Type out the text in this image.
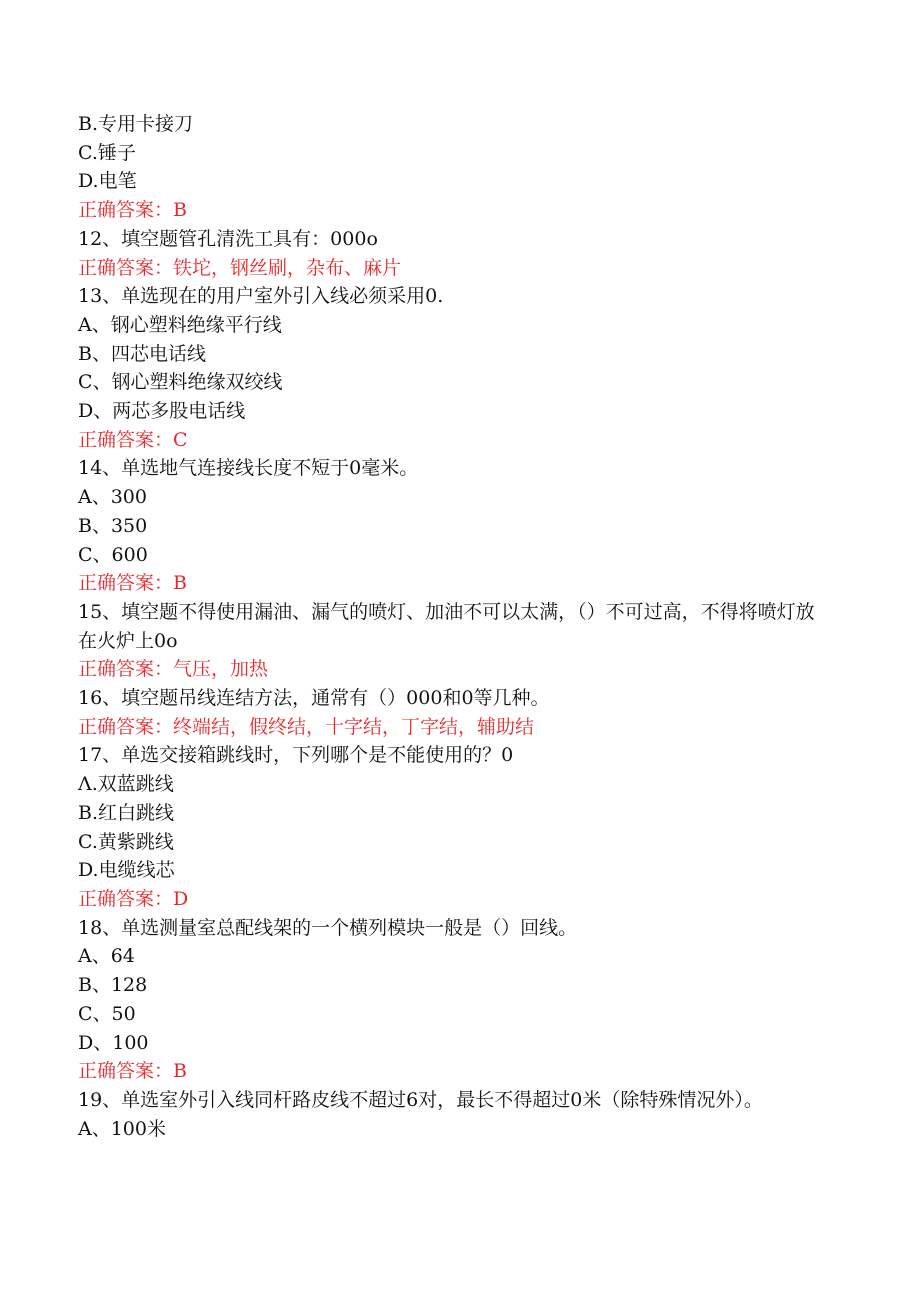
B.专用卡接刀

C.锤子

D.电笔

正确答案：B

12、填空题管孔清洗工具有：000o

正确答案：铁坨，钢丝刷，杂布、麻片

13、单选现在的用户室外引入线必须采用0.

A、钢心塑料绝缘平行线

B、四芯电话线

C、钢心塑料绝缘双绞线

D、两芯多股电话线

正确答案：C

14、单选地气连接线长度不短于0毫米。

A、300

B、350

C、600

正确答案：B

15、填空题不得使用漏油、漏气的喷灯、加油不可以太满，（）不可过高，不得将喷灯放在火炉上0o

正确答案：气压，加热

16、填空题吊线连结方法，通常有（）000和0等几种。

正确答案：终端结，假终结，十字结，丁字结，辅助结

17、单选交接箱跳线时，下列哪个是不能使用的？0

Λ.双蓝跳线

B.红白跳线

C.黄紫跳线

D.电缆线芯

正确答案：D

18、单选测量室总配线架的一个横列模块一般是（）回线。

A、64

B、128

C、50

D、100

正确答案：B

19、单选室外引入线同杆路皮线不超过6对，最长不得超过0米（除特殊情况外）。

A、100米
